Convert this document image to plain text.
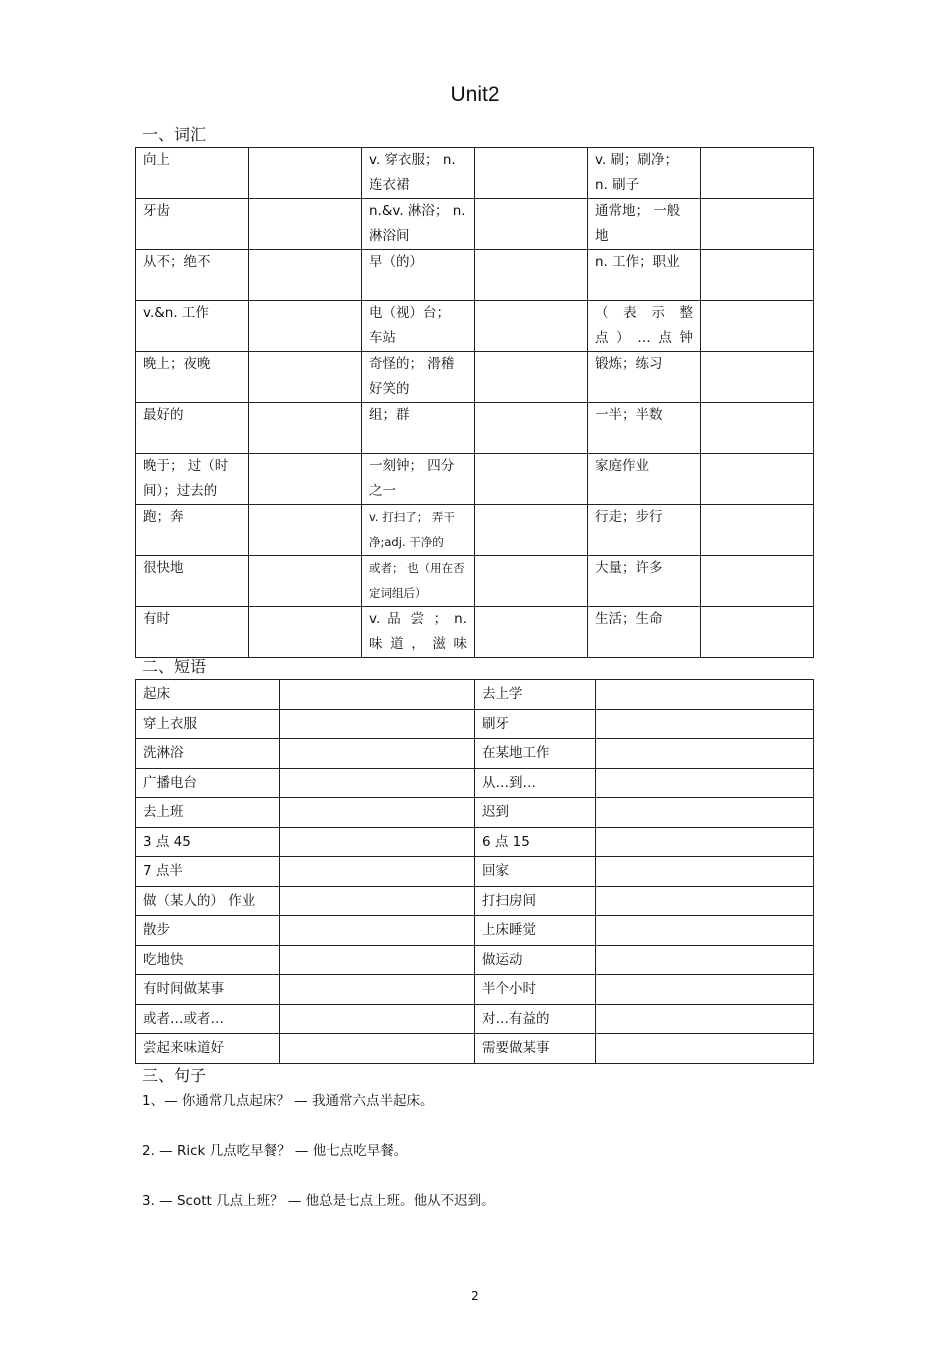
Unit2
一、词汇
向上		v. 穿衣服； n. 连衣裙		v. 刷；刷净； n. 刷子	
牙齿		n.&v. 淋浴； n. 淋浴间		通常地； 一般地	
从不；绝不		早（的）		n. 工作；职业	
v.&n. 工作		电（视）台； 车站		（ 表 示 整 点）…点钟	
晚上；夜晚		奇怪的； 滑稽好笑的		锻炼；练习	
最好的		组；群		一半；半数	
晚于； 过（时间）；过去的		一刻钟； 四分之一		家庭作业	
跑；奔		v. 打扫了； 弄干净;adj. 干净的		行走；步行	
很快地		或者； 也（用在否定词组后）		大量；许多	
有时		v. 品 尝 ； n. 味道，滋味		生活；生命	
二、短语
起床		去上学	
穿上衣服		刷牙	
洗淋浴		在某地工作	
广播电台		从…到…	
去上班		迟到	
3 点 45		6 点 15	
7 点半		回家	
做（某人的） 作业		打扫房间	
散步		上床睡觉	
吃地快		做运动	
有时间做某事		半个小时	
或者…或者…		对…有益的	
尝起来味道好		需要做某事	
三、句子
1、— 你通常几点起床？ — 我通常六点半起床。
2. — Rick 几点吃早餐？ — 他七点吃早餐。
3. — Scott 几点上班？ — 他总是七点上班。他从不迟到。
2
